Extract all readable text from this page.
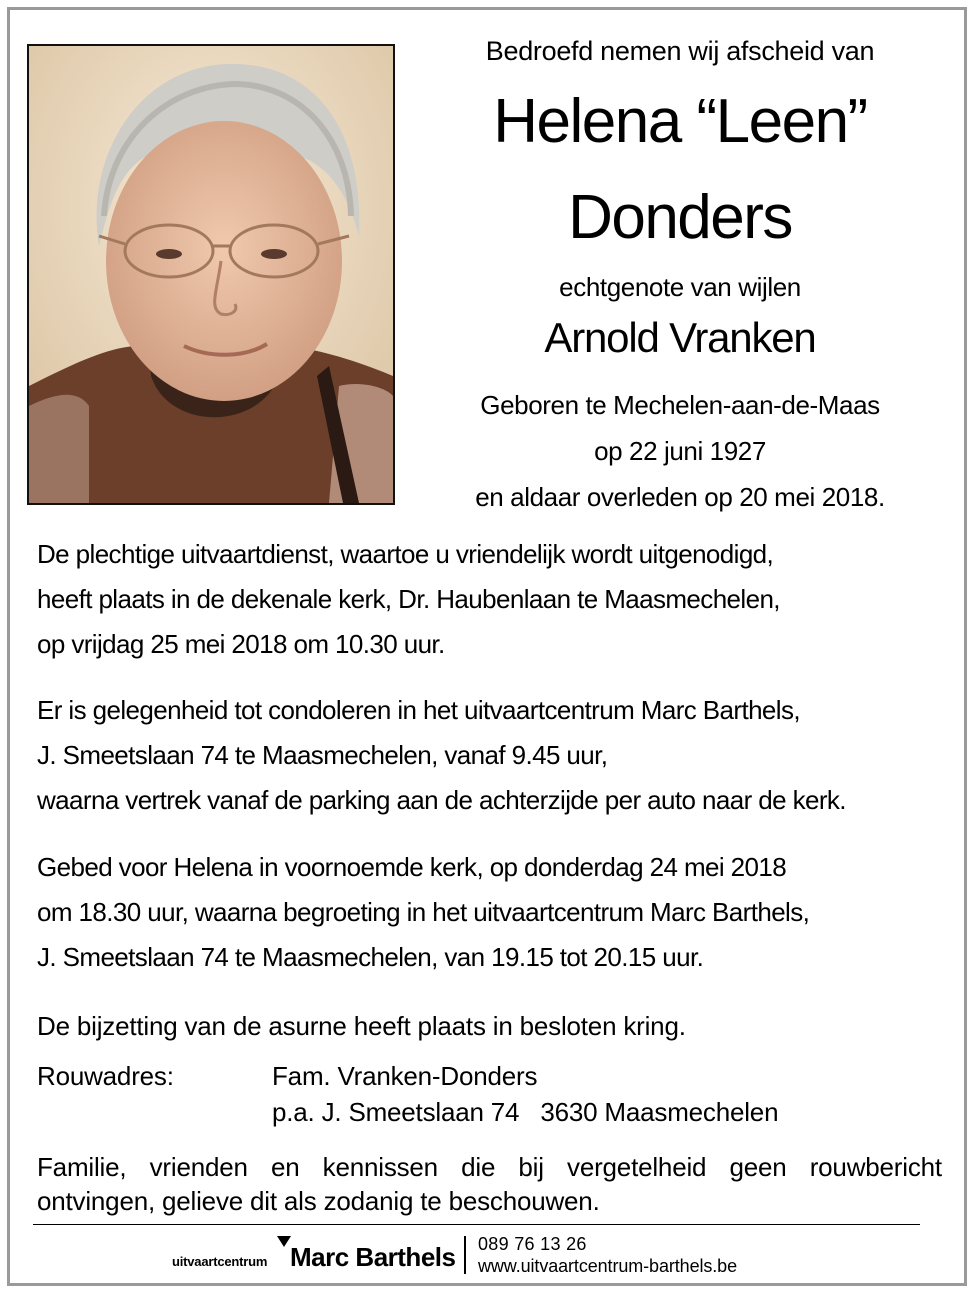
Bedroefd nemen wij afscheid van
Helena “Leen”
Donders
echtgenote van wijlen
Arnold Vranken
Geboren te Mechelen-aan-de-Maas
op 22 juni 1927
en aldaar overleden op 20 mei 2018.
De plechtige uitvaartdienst, waartoe u vriendelijk wordt uitgenodigd,
heeft plaats in de dekenale kerk, Dr. Haubenlaan te Maasmechelen,
op vrijdag 25 mei 2018 om 10.30 uur.
Er is gelegenheid tot condoleren in het uitvaartcentrum Marc Barthels,
J. Smeetslaan 74 te Maasmechelen, vanaf 9.45 uur,
waarna vertrek vanaf de parking aan de achterzijde per auto naar de kerk.
Gebed voor Helena in voornoemde kerk, op donderdag 24 mei 2018
om 18.30 uur, waarna begroeting in het uitvaartcentrum Marc Barthels,
J. Smeetslaan 74 te Maasmechelen, van 19.15 tot 20.15 uur.
De bijzetting van de asurne heeft plaats in besloten kring.
Rouwadres:	Fam. Vranken-Donders
p.a. J. Smeetslaan 74   3630 Maasmechelen
Familie, vrienden en kennissen die bij vergetelheid geen rouwbericht
ontvingen, gelieve dit als zodanig te beschouwen.
uitvaartcentrum Marc Barthels 089 76 13 26
www.uitvaartcentrum-barthels.be
